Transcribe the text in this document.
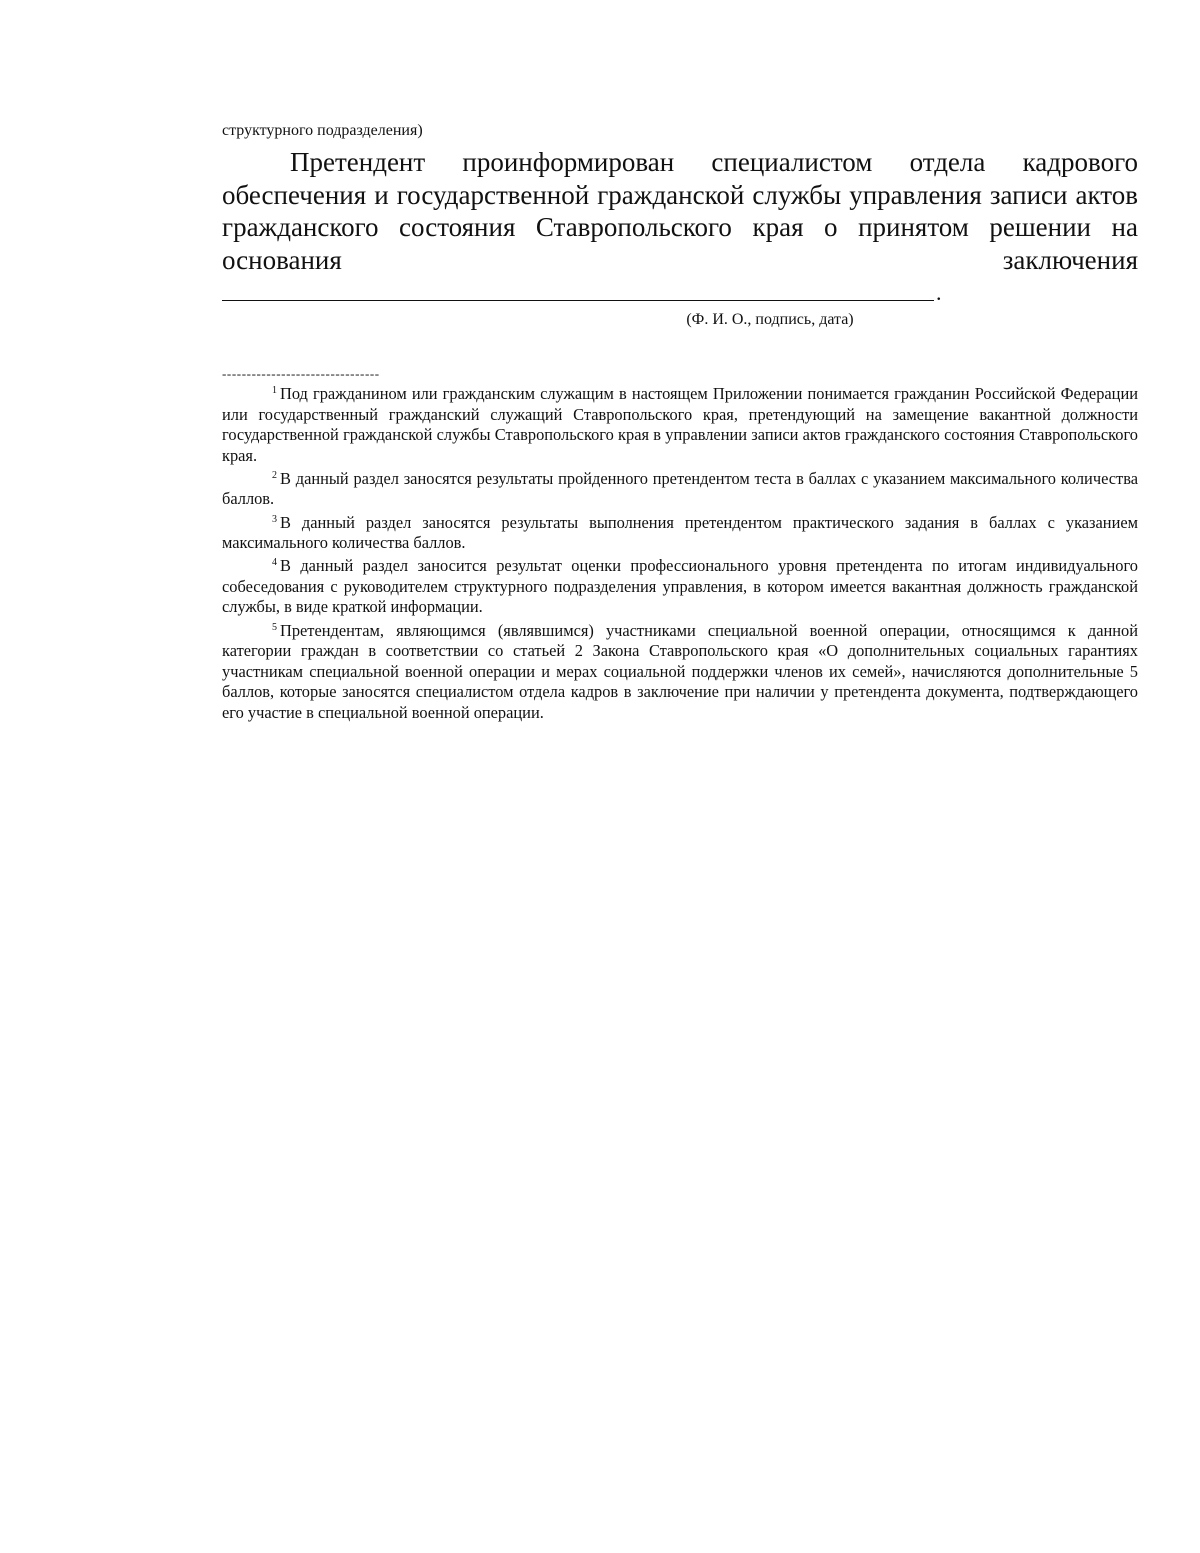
структурного подразделения)

Претендент проинформирован специалистом отдела кадрового обеспечения и государственной гражданской службы управления записи актов гражданского состояния Ставропольского края о принятом решении на основания заключения

.
(Ф. И. О., подпись, дата)
--------------------------------

$^1$ Под гражданином или гражданским служащим в настоящем Приложении понимается гражданин Российской Федерации или государственный гражданский служащий Ставропольского края, претендующий на замещение вакантной должности государственной гражданской службы Ставропольского края в управлении записи актов гражданского состояния Ставропольского края.

$^2$ В данный раздел заносятся результаты пройденного претендентом теста в баллах с указанием максимального количества баллов.

$^3$ В данный раздел заносятся результаты выполнения претендентом практического задания в баллах с указанием максимального количества баллов.

$^4$ В данный раздел заносится результат оценки профессионального уровня претендента по итогам индивидуального собеседования с руководителем структурного подразделения управления, в котором имеется вакантная должность гражданской службы, в виде краткой информации.

$^5$ Претендентам, являющимся (являвшимся) участниками специальной военной операции, относящимся к данной категории граждан в соответствии со статьей 2 Закона Ставропольского края «О дополнительных социальных гарантиях участникам специальной военной операции и мерах социальной поддержки членов их семей», начисляются дополнительные 5 баллов, которые заносятся специалистом отдела кадров в заключение при наличии у претендента документа, подтверждающего его участие в специальной военной операции.
